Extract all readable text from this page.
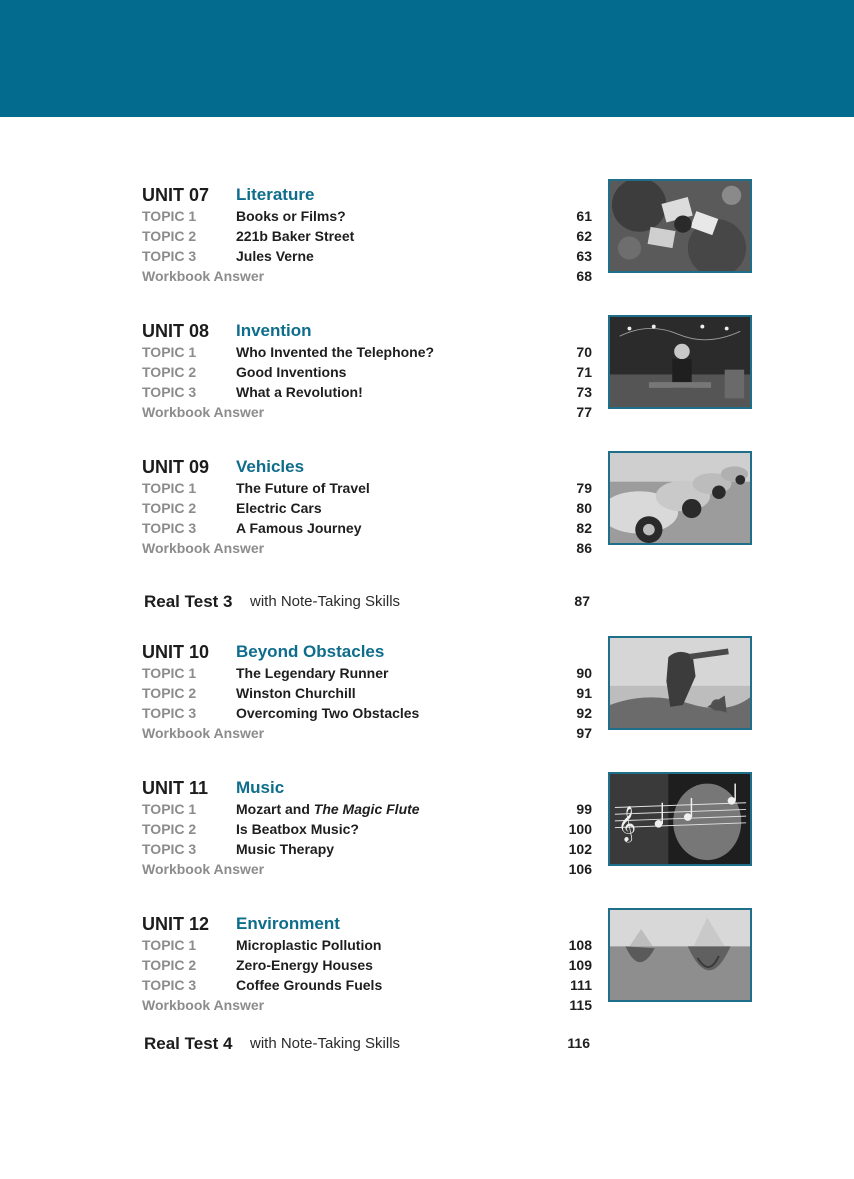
UNIT 07 Literature
TOPIC 1	Books or Films?	61
TOPIC 2	221b Baker Street	62
TOPIC 3	Jules Verne	63
Workbook Answer	68
UNIT 08 Invention
TOPIC 1	Who Invented the Telephone?	70
TOPIC 2	Good Inventions	71
TOPIC 3	What a Revolution!	73
Workbook Answer	77
UNIT 09 Vehicles
TOPIC 1	The Future of Travel	79
TOPIC 2	Electric Cars	80
TOPIC 3	A Famous Journey	82
Workbook Answer	86
Real Test 3 with Note-Taking Skills	87
UNIT 10 Beyond Obstacles
TOPIC 1	The Legendary Runner	90
TOPIC 2	Winston Churchill	91
TOPIC 3	Overcoming Two Obstacles	92
Workbook Answer	97
UNIT 11 Music
TOPIC 1	Mozart and The Magic Flute	99
TOPIC 2	Is Beatbox Music?	100
TOPIC 3	Music Therapy	102
Workbook Answer	106
𝄞
UNIT 12 Environment
TOPIC 1	Microplastic Pollution	108
TOPIC 2	Zero-Energy Houses	109
TOPIC 3	Coffee Grounds Fuels	111
Workbook Answer	115
Real Test 4 with Note-Taking Skills	116
